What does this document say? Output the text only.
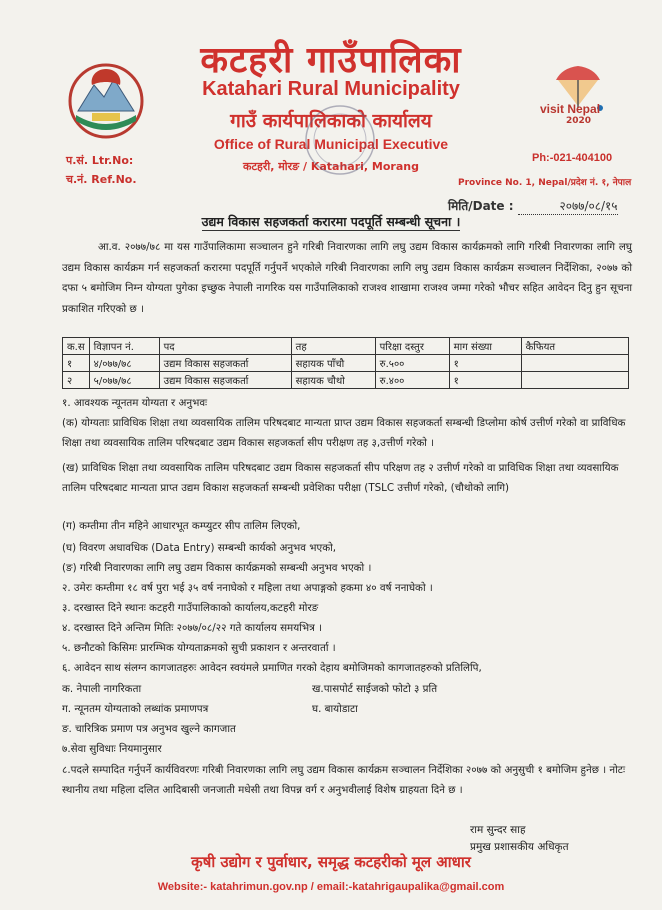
visit Nepal
2020
कटहरी गाउँपालिका
Katahari Rural Municipality
गाउँ कार्यपालिकाको कार्यालय
Office of Rural Municipal Executive
कटहरी, मोरङ / Katahari, Morang
प.सं. Ltr.No:
च.नं. Ref.No.
Ph:-021-404100
Province No. 1, Nepal/प्रदेश नं. १, नेपाल
मिति/Date :	२०७७/०८/१५
उद्यम विकास सहजकर्ता करारमा पदपूर्ति सम्बन्धी सूचना ।
आ.व. २०७७/७८ मा यस गाउँपालिकामा सञ्चालन हुने गरिबी निवारणका लागि लघु उद्यम विकास कार्यक्रमको लागि गरिबी निवारणका लागि लघु उद्यम विकास कार्यक्रम गर्न सहजकर्ता करारमा पदपूर्ति गर्नुपर्ने भएकोले गरिबी निवारणका लागि लघु उद्यम विकास कार्यक्रम सञ्चालन निर्देशिका, २०७७ को दफा ५ बमोजिम निम्न योग्यता पुगेका इच्छुक नेपाली नागरिक यस गाउँपालिकाको राजश्व शाखामा राजश्व जम्मा गरेको भौचर सहित आवेदन दिनु हुन सूचना प्रकाशित गरिएको छ ।
क.स	विज्ञापन नं.	पद	तह	परिक्षा दस्तुर	माग संख्या	कैफियत
१	४/०७७/७८	उद्यम विकास सहजकर्ता	सहायक पाँचौ	रु.५००	१	
२	५/०७७/७८	उद्यम विकास सहजकर्ता	सहायक चौथो	रु.४००	१	
१. आवश्यक न्यूनतम योग्यता र अनुभवः
(क) योग्यताः प्राविधिक शिक्षा तथा व्यवसायिक तालिम परिषदबाट मान्यता प्राप्त उद्यम विकास सहजकर्ता सम्बन्धी डिप्लोमा कोर्ष उत्तीर्ण गरेको वा प्राविधिक शिक्षा तथा व्यवसायिक तालिम परिषदबाट उद्यम विकास सहजकर्ता सीप परीक्षण तह ३,उत्तीर्ण गरेको ।
(ख) प्राविधिक शिक्षा तथा व्यवसायिक तालिम परिषदबाट उद्यम विकास सहजकर्ता सीप परिक्षण तह २ उत्तीर्ण गरेको वा प्राविधिक शिक्षा तथा व्यवसायिक तालिम परिषदबाट मान्यता प्राप्त उद्यम विकाश सहजकर्ता सम्बन्धी प्रवेशिका परीक्षा (TSLC उत्तीर्ण गरेको, (चौथोको लागि)
(ग) कम्तीमा तीन महिने आधारभूत कम्प्युटर सीप तालिम लिएको,
(घ) विवरण अधावधिक (Data Entry) सम्बन्धी कार्यको अनुभव भएको,
(ङ) गरिबी निवारणका लागि लघु उद्यम विकास कार्यक्रमको सम्बन्धी अनुभव भएको ।
२. उमेरः कम्तीमा १८ वर्ष पुरा भई ३५ वर्ष ननाघेको र महिला तथा अपाङ्गको हकमा ४० वर्ष ननाघेको ।
३. दरखास्त दिने स्थानः कटहरी गाउँपालिकाको कार्यालय,कटहरी मोरङ
४. दरखास्त दिने अन्तिम मितिः २०७७/०८/२२ गते कार्यालय समयभित्र ।
५. छनौटको किसिमः प्रारम्भिक योग्यताक्रमको सुची प्रकाशन र अन्तरवार्ता ।
६. आवेदन साथ संलग्न कागजातहरुः आवेदन स्वयंमले प्रमाणित गरको देहाय बमोजिमको कागजातहरुको प्रतिलिपि,
क. नेपाली नागरिकता	ख.पासपोर्ट साईजको फोटो ३ प्रति
ग. न्यूनतम योग्यताको लब्धांक प्रमाणपत्र	घ. बायोडाटा
ङ. चारित्रिक प्रमाण पत्र अनुभव खुल्ने कागजात
७.सेवा सुविधाः नियमानुसार
८.पदले सम्पादित गर्नुपर्ने कार्यविवरणः गरिबी निवारणका लागि लघु उद्यम विकास कार्यक्रम सञ्चालन निर्देशिका २०७७ को अनुसुची १ बमोजिम हुनेछ । नोटः स्थानीय तथा महिला दलित आदिबासी जनजाती मधेसी तथा विपन्न वर्ग र अनुभवीलाई विशेष ग्राहयता दिने छ ।
राम सुन्दर साह
प्रमुख प्रशासकीय अधिकृत
कृषी उद्योग र पुर्वाधार, समृद्ध कटहरीको मूल आधार
Website:- katahrimun.gov.np / email:-katahrigaupalika@gmail.com
